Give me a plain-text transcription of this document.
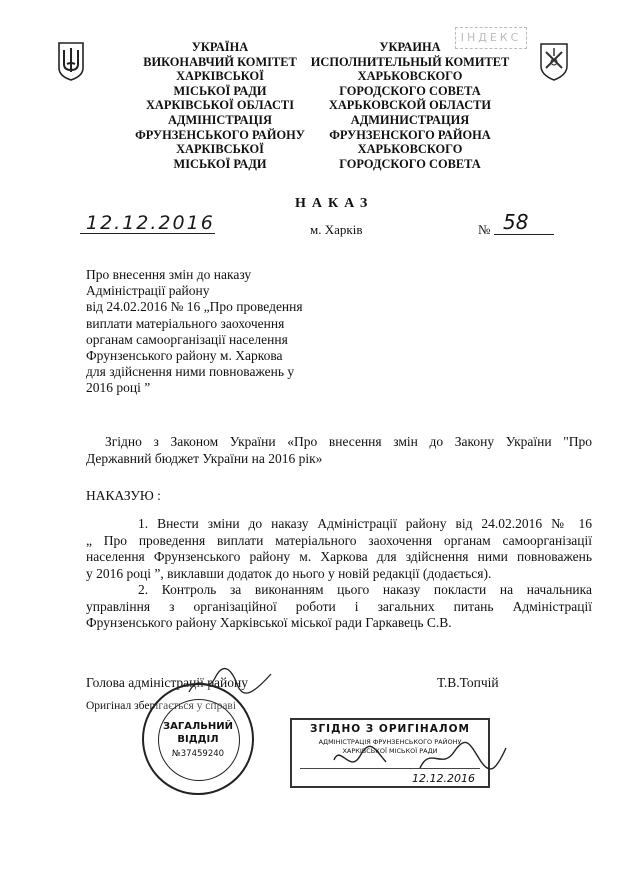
ІНДЕКС
УКРАЇНА
ВИКОНАВЧИЙ КОМІТЕТ
ХАРКІВСЬКОЇ
МІСЬКОЇ РАДИ
ХАРКІВСЬКОЇ ОБЛАСТІ
АДМІНІСТРАЦІЯ
ФРУНЗЕНСЬКОГО РАЙОНУ
ХАРКІВСЬКОЇ
МІСЬКОЇ РАДИ
УКРАИНА
ИСПОЛНИТЕЛЬНЫЙ КОМИТЕТ
ХАРЬКОВСКОГО
ГОРОДСКОГО СОВЕТА
ХАРЬКОВСКОЙ ОБЛАСТИ
АДМИНИСТРАЦИЯ
ФРУНЗЕНСКОГО РАЙОНА
ХАРЬКОВСКОГО
ГОРОДСКОГО СОВЕТА
НАКАЗ
12.12.2016	м. Харків	№ 58
Про внесення змін до наказу
Адміністрації району
від 24.02.2016 № 16 „Про проведення
виплати матеріального заохочення
органам самоорганізації населення
Фрунзенського району м. Харкова
для здійснення ними повноважень у
2016 році ”

Згідно з Законом України «Про внесення змін до Закону України "Про

Державний бюджет України на 2016 рік»

НАКАЗУЮ :

1. Внести зміни до наказу Адміністрації району від 24.02.2016 № 16

„ Про проведення виплати матеріального заохочення органам самоорганізації

населення Фрунзенського району м. Харкова для здійснення ними повноважень

у 2016 році ”, виклавши додаток до нього у новій редакції (додається).

2. Контроль за виконанням цього наказу покласти на начальника

управління з організаційної роботи і загальних питань Адміністрації

Фрунзенського району Харківської міської ради Гаркавець С.В.

Голова адміністрації району	Т.В.Топчій
Оригінал зберігається у справі
ЗАГАЛЬНИЙ
ВІДДІЛ
№37459240
ЗГІДНО З ОРИГІНАЛОМ
АДМІНІСТРАЦІЯ ФРУНЗЕНСЬКОГО РАЙОНУ
ХАРКІВСЬКОЇ МІСЬКОЇ РАДИ
12.12.2016
